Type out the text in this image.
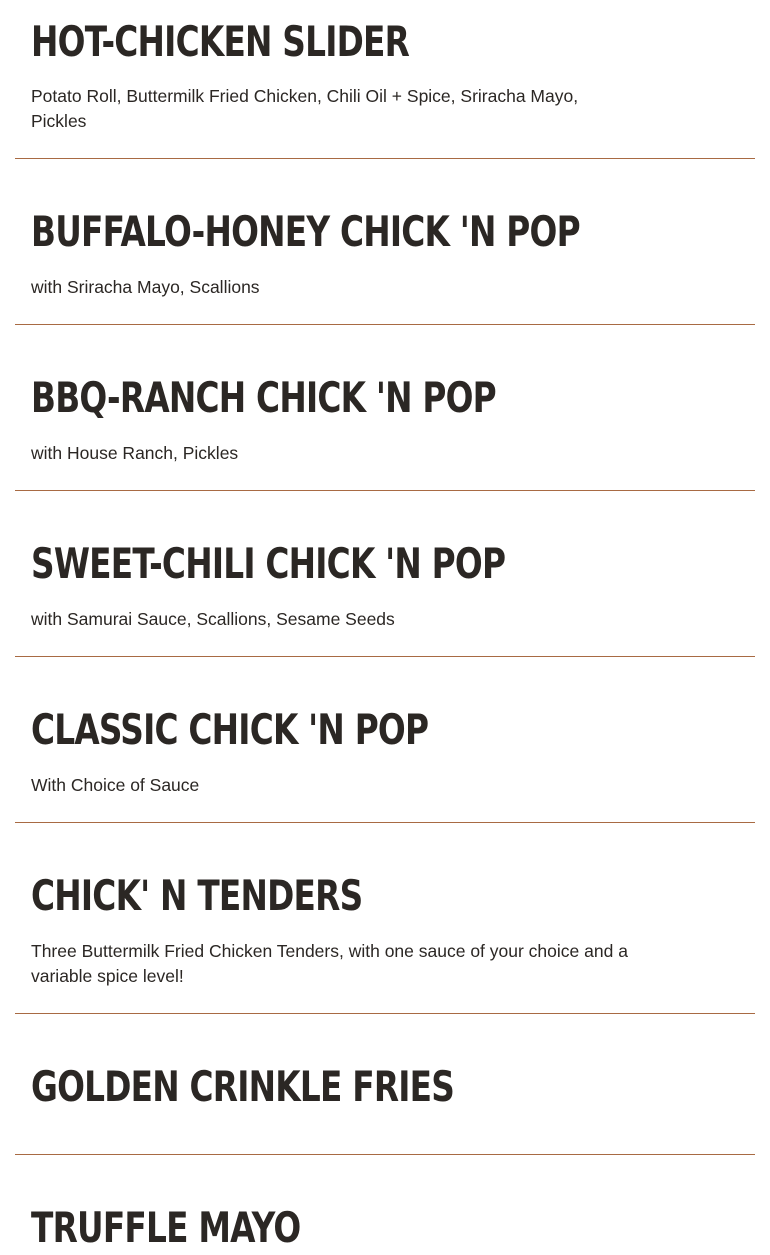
HOT-CHICKEN SLIDER

Potato Roll, Buttermilk Fried Chicken, Chili Oil + Spice, Sriracha Mayo, Pickles

BUFFALO-HONEY CHICK 'N POP

with Sriracha Mayo, Scallions

BBQ-RANCH CHICK 'N POP

with House Ranch, Pickles

SWEET-CHILI CHICK 'N POP

with Samurai Sauce, Scallions, Sesame Seeds

CLASSIC CHICK 'N POP

With Choice of Sauce

CHICK' N TENDERS

Three Buttermilk Fried Chicken Tenders, with one sauce of your choice and a variable spice level!

GOLDEN CRINKLE FRIES
TRUFFLE MAYO
